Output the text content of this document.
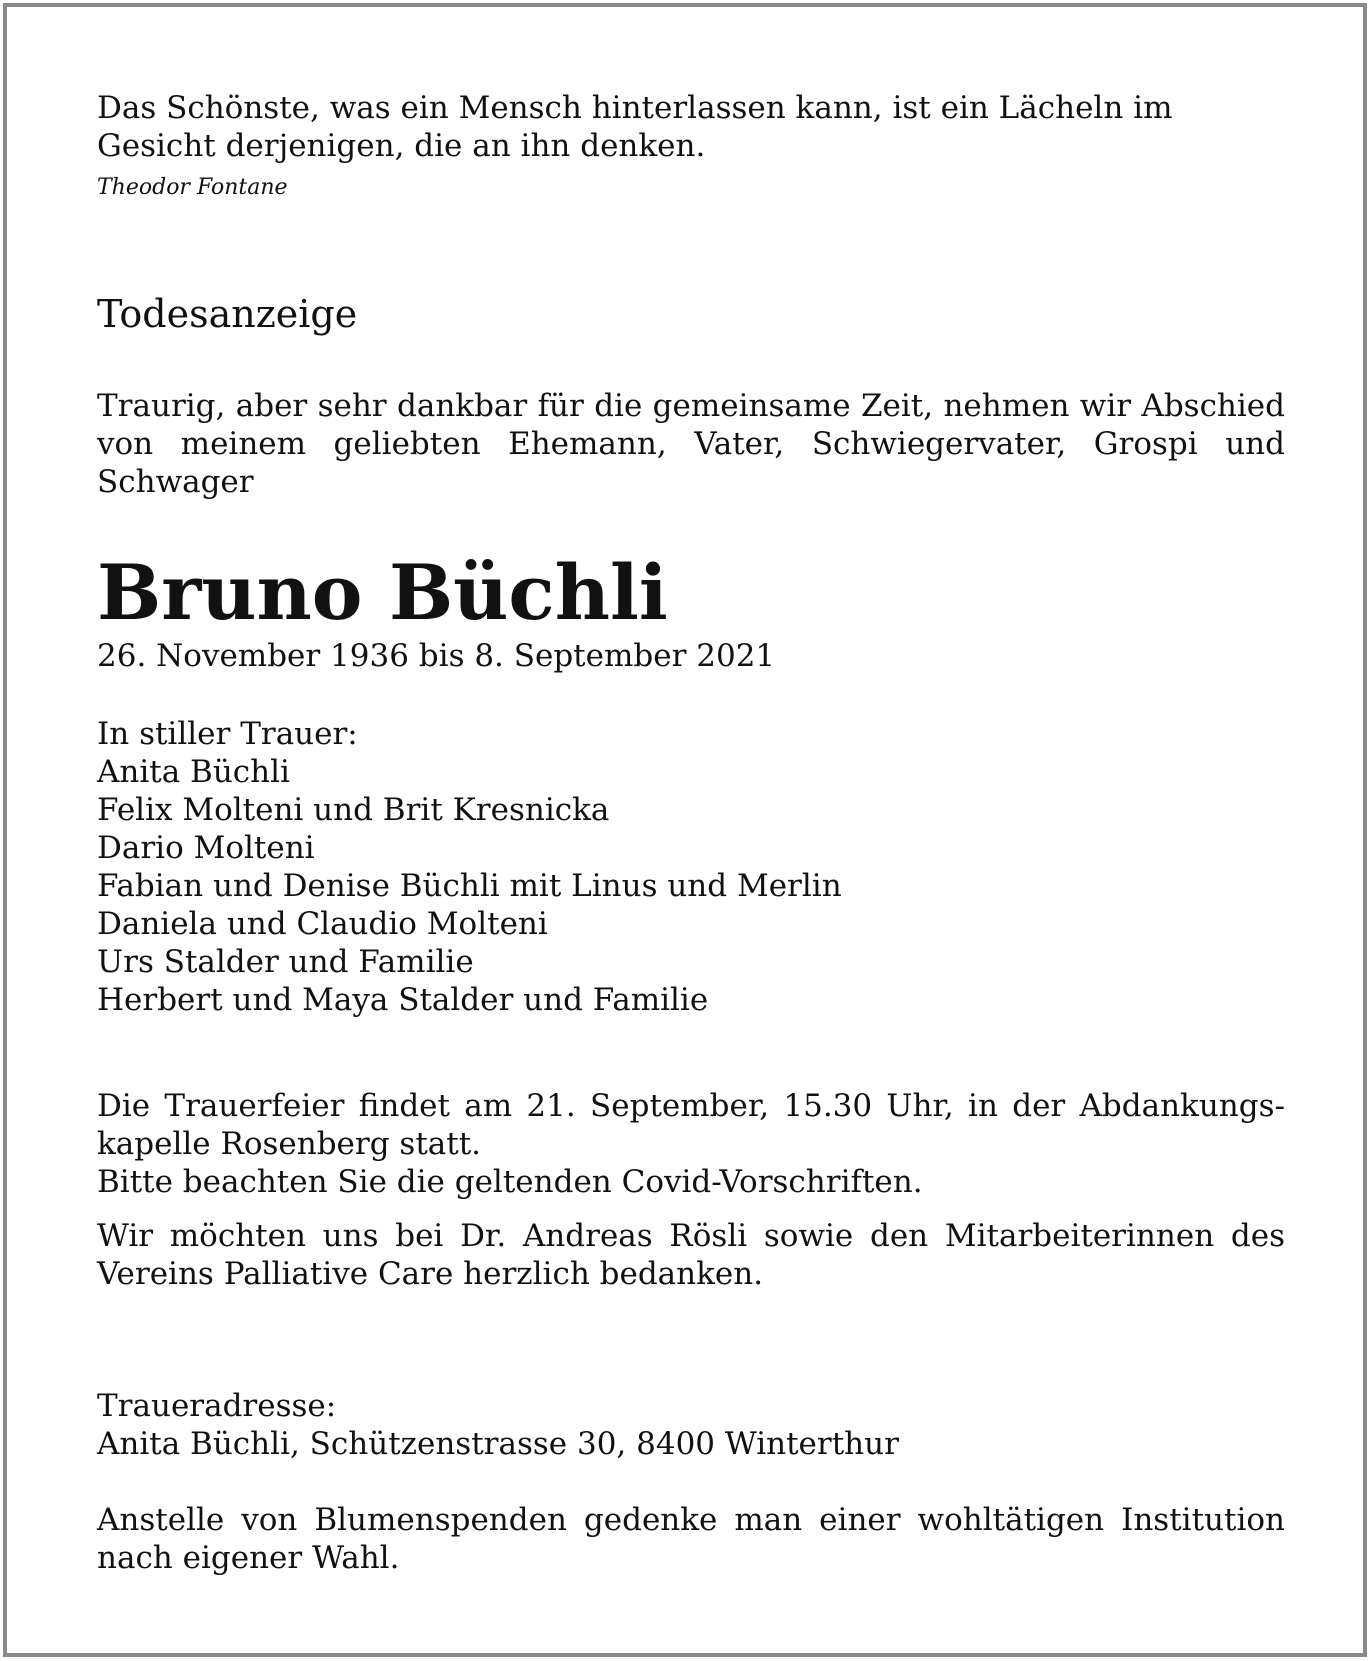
Das Schönste, was ein Mensch hinterlassen kann, ist ein Lächeln im Gesicht derjenigen, die an ihn denken.

Theodor Fontane
Todesanzeige
Traurig, aber sehr dankbar für die gemeinsame Zeit, nehmen wir Abschied von meinem geliebten Ehemann, Vater, Schwiegervater, Grospi und Schwager
Bruno Büchli
26. November 1936 bis 8. September 2021
In stiller Trauer:
Anita Büchli
Felix Molteni und Brit Kresnicka
Dario Molteni
Fabian und Denise Büchli mit Linus und Merlin
Daniela und Claudio Molteni
Urs Stalder und Familie
Herbert und Maya Stalder und Familie
Die Trauerfeier findet am 21. September, 15.30 Uhr, in der Abdankungskapelle Rosenberg statt.
Bitte beachten Sie die geltenden Covid-Vorschriften.
Wir möchten uns bei Dr. Andreas Rösli sowie den Mitarbeiterinnen des Vereins Palliative Care herzlich bedanken.
Traueradresse:
Anita Büchli, Schützenstrasse 30, 8400 Winterthur
Anstelle von Blumenspenden gedenke man einer wohltätigen Institution nach eigener Wahl.
